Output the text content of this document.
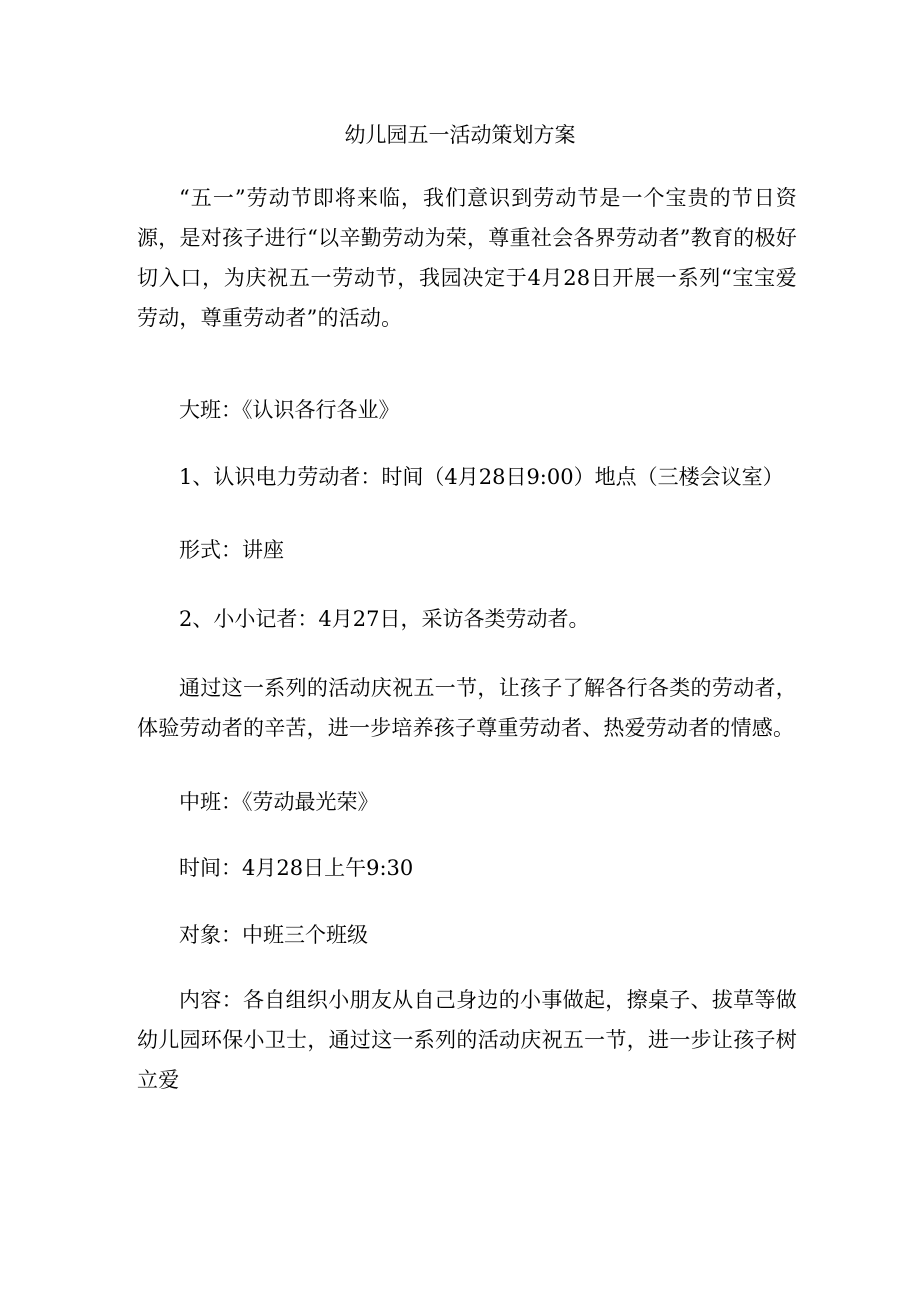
幼儿园五一活动策划方案

“五一”劳动节即将来临，我们意识到劳动节是一个宝贵的节日资源，是对孩子进行“以辛勤劳动为荣，尊重社会各界劳动者”教育的极好切入口，为庆祝五一劳动节，我园决定于4月28日开展一系列“宝宝爱劳动，尊重劳动者”的活动。

大班：《认识各行各业》

1、认识电力劳动者：时间（4月28日9:00）地点（三楼会议室）

形式：讲座

2、小小记者：4月27日，采访各类劳动者。

通过这一系列的活动庆祝五一节，让孩子了解各行各类的劳动者，体验劳动者的辛苦，进一步培养孩子尊重劳动者、热爱劳动者的情感。

中班：《劳动最光荣》

时间：4月28日上午9:30

对象：中班三个班级

内容：各自组织小朋友从自己身边的小事做起，擦桌子、拔草等做幼儿园环保小卫士，通过这一系列的活动庆祝五一节，进一步让孩子树立爱
